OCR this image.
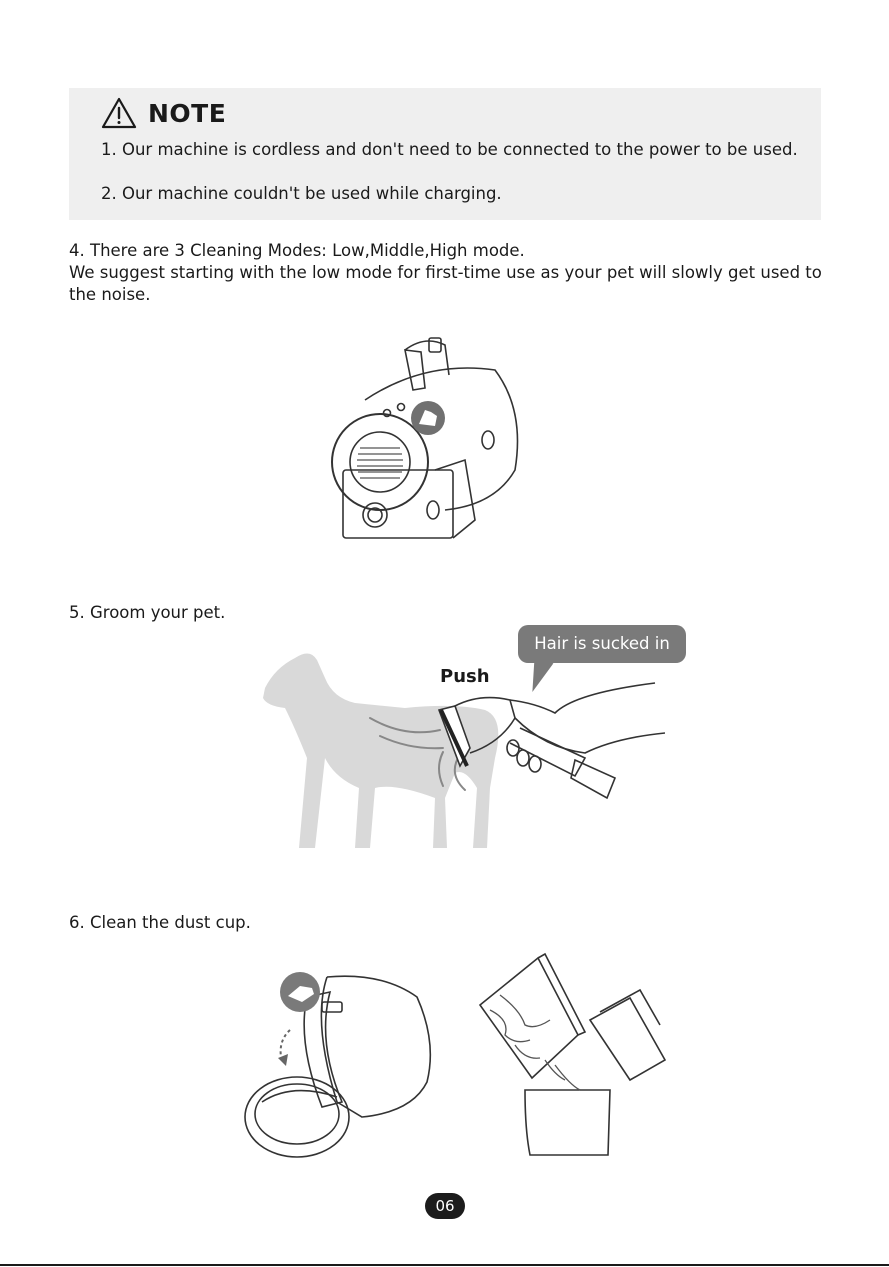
NOTE

1. Our machine is cordless and don't need to be connected to the power to be used.

2. Our machine couldn't be used while charging.

4. There are 3 Cleaning Modes: Low,Middle,High mode.

We suggest starting with the low mode for first-time use as your pet will slowly get used to the noise.

5. Groom your pet.

Hair is sucked in
Push

6. Clean the dust cup.

06
